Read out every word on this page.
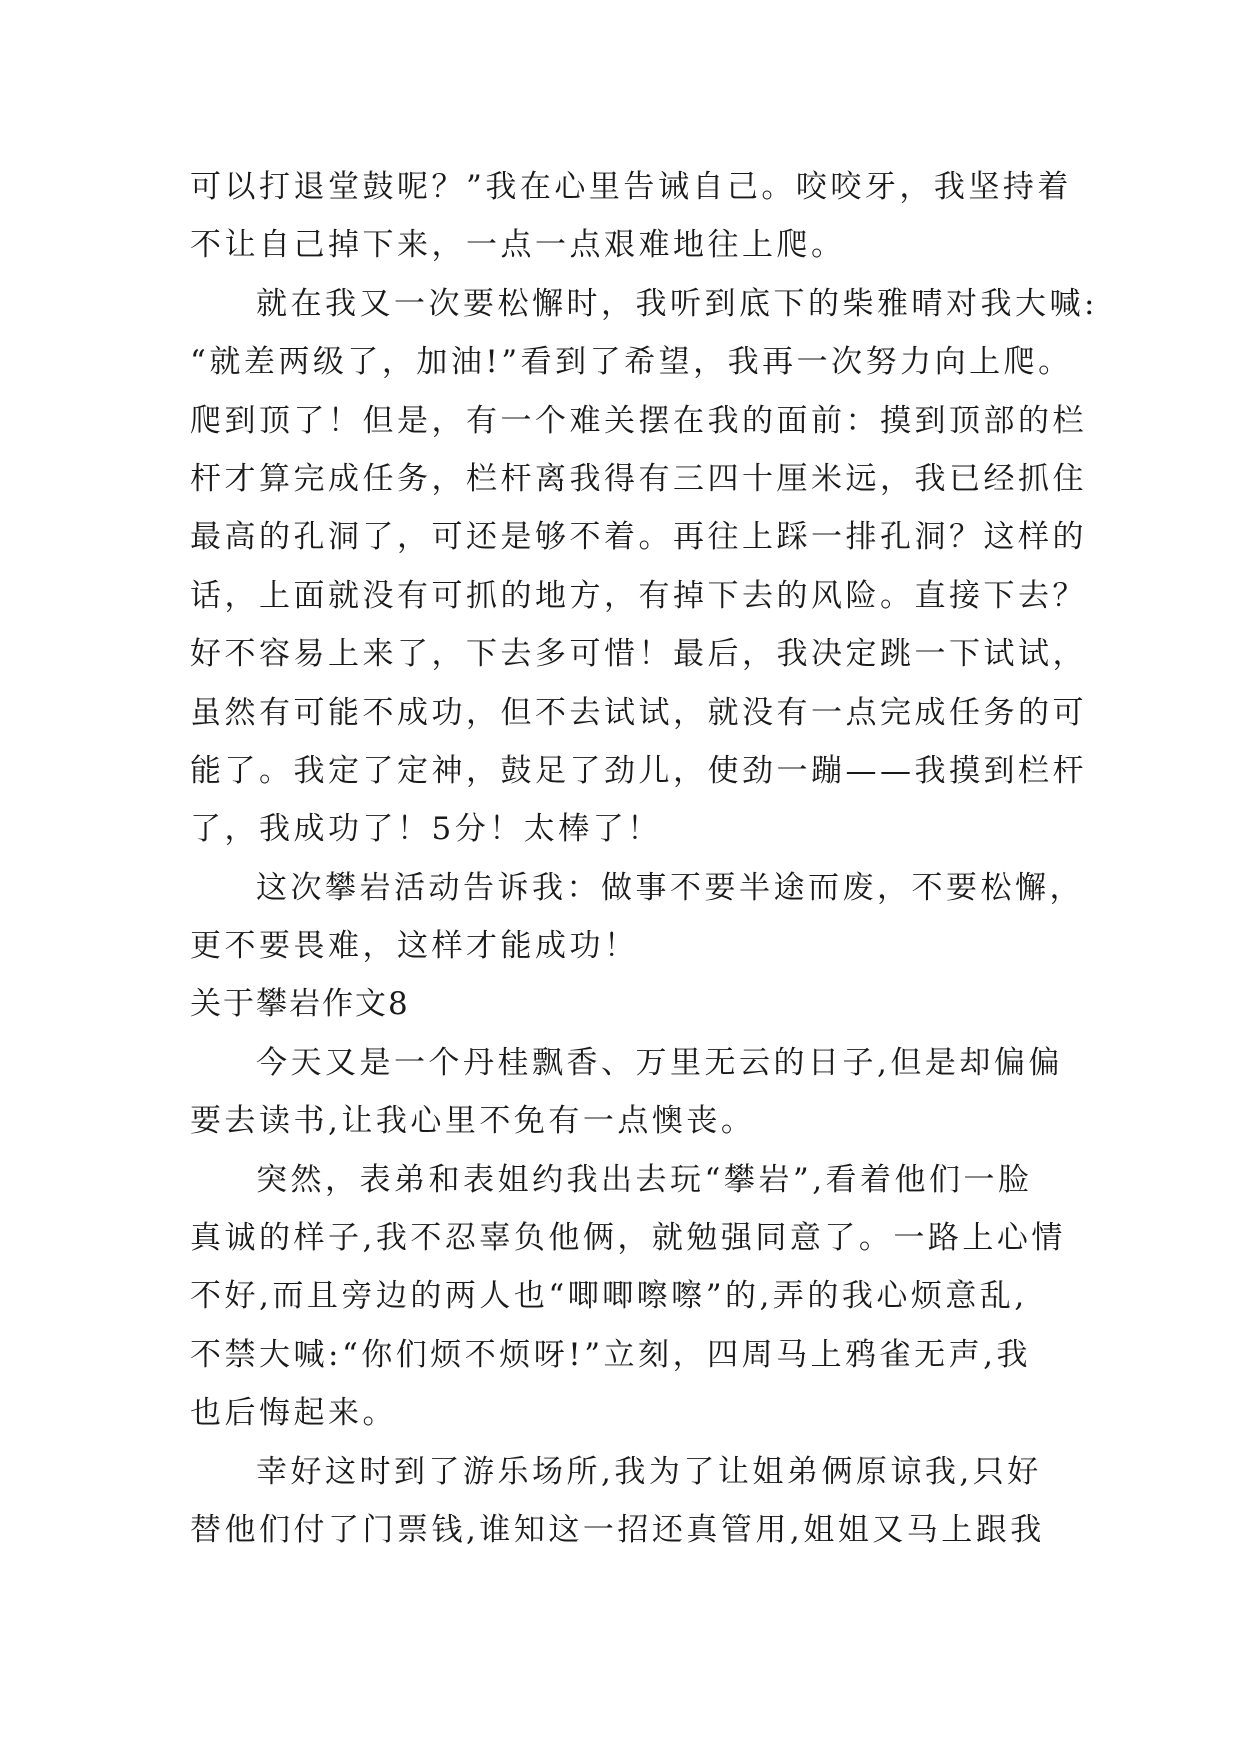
可以打退堂鼓呢？”我在心里告诫自己。咬咬牙，我坚持着
不让自己掉下来，一点一点艰难地往上爬。
就在我又一次要松懈时，我听到底下的柴雅晴对我大喊:
“就差两级了，加油!”看到了希望，我再一次努力向上爬。
爬到顶了！但是，有一个难关摆在我的面前：摸到顶部的栏
杆才算完成任务，栏杆离我得有三四十厘米远，我已经抓住
最高的孔洞了，可还是够不着。再往上踩一排孔洞？这样的
话，上面就没有可抓的地方，有掉下去的风险。直接下去？
好不容易上来了，下去多可惜！最后，我决定跳一下试试，
虽然有可能不成功，但不去试试，就没有一点完成任务的可
能了。我定了定神，鼓足了劲儿，使劲一蹦——我摸到栏杆
了，我成功了！5分！太棒了！
这次攀岩活动告诉我：做事不要半途而废，不要松懈，
更不要畏难，这样才能成功！
关于攀岩作文8
今天又是一个丹桂飘香、万里无云的日子,但是却偏偏
要去读书,让我心里不免有一点懊丧。
突然，表弟和表姐约我出去玩“攀岩”,看着他们一脸
真诚的样子,我不忍辜负他俩，就勉强同意了。一路上心情
不好,而且旁边的两人也“唧唧嚓嚓”的,弄的我心烦意乱,
不禁大喊:“你们烦不烦呀!”立刻，四周马上鸦雀无声,我
也后悔起来。
幸好这时到了游乐场所,我为了让姐弟俩原谅我,只好
替他们付了门票钱,谁知这一招还真管用,姐姐又马上跟我
